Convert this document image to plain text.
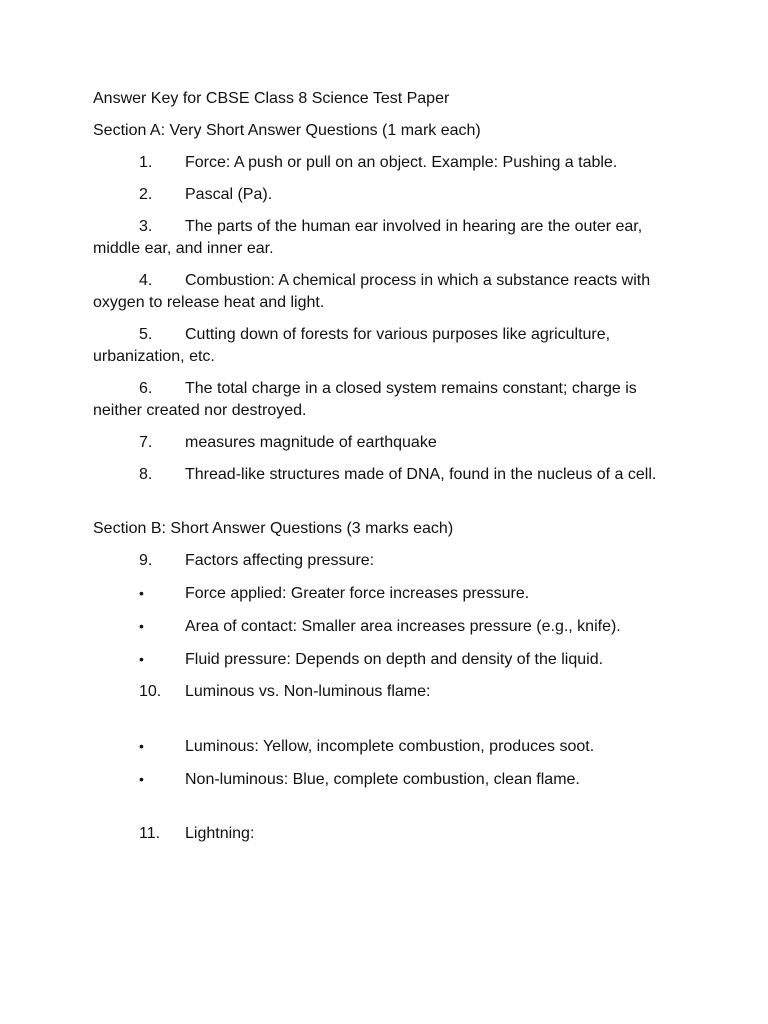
Answer Key for CBSE Class 8 Science Test Paper

Section A: Very Short Answer Questions (1 mark each)

1. Force: A push or pull on an object. Example: Pushing a table.

2. Pascal (Pa).

3. The parts of the human ear involved in hearing are the outer ear, middle ear, and inner ear.

4. Combustion: A chemical process in which a substance reacts with oxygen to release heat and light.

5. Cutting down of forests for various purposes like agriculture, urbanization, etc.

6. The total charge in a closed system remains constant; charge is neither created nor destroyed.

7. measures magnitude of earthquake

8. Thread-like structures made of DNA, found in the nucleus of a cell.

Section B: Short Answer Questions (3 marks each)

9. Factors affecting pressure:

•	Force applied: Greater force increases pressure.

•	Area of contact: Smaller area increases pressure (e.g., knife).

•	Fluid pressure: Depends on depth and density of the liquid.

10. Luminous vs. Non-luminous flame:

•	Luminous: Yellow, incomplete combustion, produces soot.

•	Non-luminous: Blue, complete combustion, clean flame.

11. Lightning:
